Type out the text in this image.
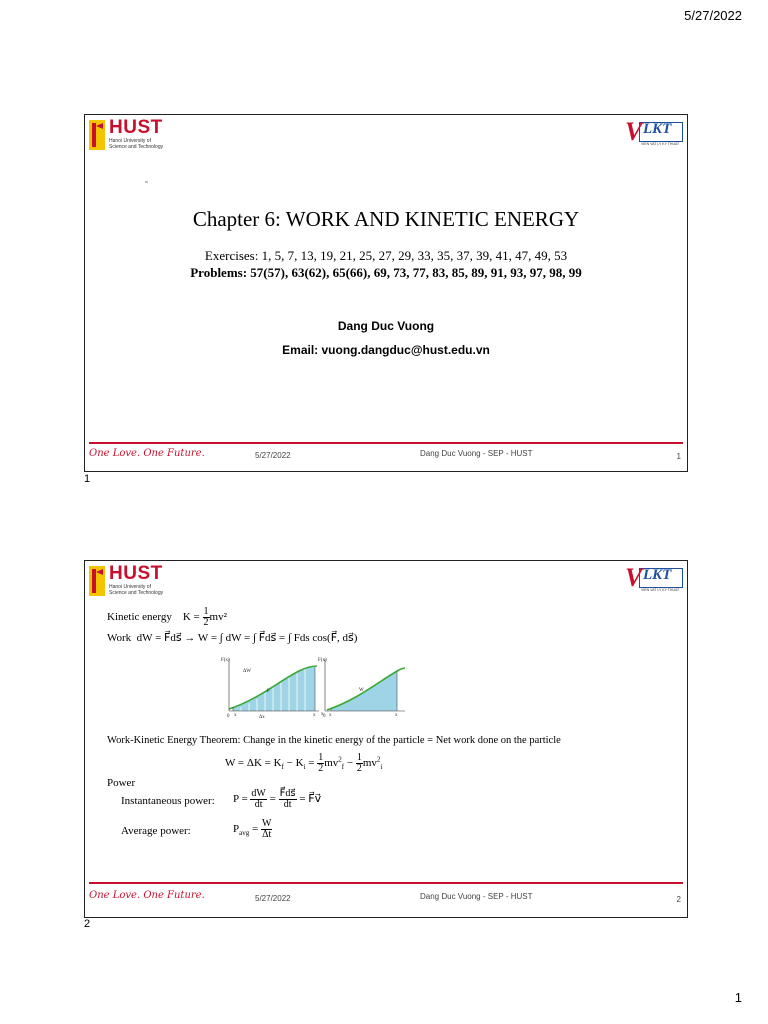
5/27/2022
HUST
Hanoi University of Science and Technology
V LKT
VIEN VAT LY KY THUAT
▫
Chapter 6: WORK AND KINETIC ENERGY
Exercises: 1, 5, 7, 13, 19, 21, 25, 27, 29, 33, 35, 37, 39, 41, 47, 49, 53
Problems: 57(57), 63(62), 65(66), 69, 73, 77, 83, 85, 89, 91, 93, 97, 98, 99
Dang Duc Vuong
Email: vuong.dangduc@hust.edu.vn
One Love. One Future.	5/27/2022	Dang Duc Vuong - SEP - HUST	1
1
HUST
Hanoi University of Science and Technology
V LKT
VIEN VAT LY KY THUAT
Kinetic energy $K = \frac{1}{2} mv^2$
Work dW = F⃗ds⃗ → W = ∫ dW = ∫ F⃗ds⃗ = ∫ Fds cos(F⃗, ds⃗)
F(x)	F(x)
ΔW
F	W
0 x	Δx	x x 0 x	x
Work-Kinetic Energy Theorem: Change in the kinetic energy of the particle = Net work done on the particle
$W = \Delta K = K_f - K_i = \frac{1}{2} mv^2_f - \frac{1}{2} mv^2_i$
Power
Instantaneous power: $P = \frac{dW}{dt} = \frac{F⃗ds⃗}{dt}$ = F⃗v⃗
Average power:	$P_{avg} = \frac{W}{\Delta t}$
One Love. One Future.	5/27/2022	Dang Duc Vuong - SEP - HUST	2
2
1
